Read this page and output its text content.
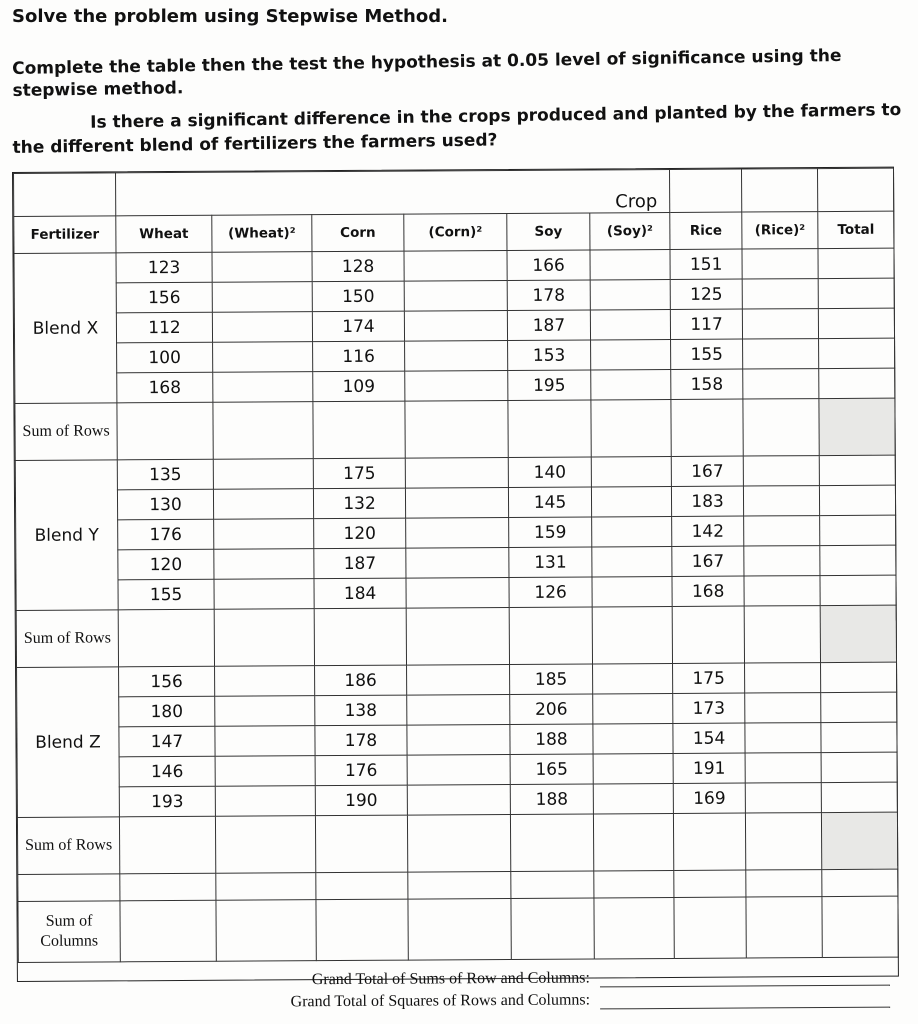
Solve the problem using Stepwise Method.
Complete the table then the test the hypothesis at 0.05 level of significance using the stepwise method.
Is there a significant difference in the crops produced and planted by the farmers to the different blend of fertilizers the farmers used?
	Crop								
Fertilizer	Wheat	(Wheat)²	Corn	(Corn)²	Soy	(Soy)²	Rice	(Rice)²	Total
Blend X	123		128		166		151		
	156		150		178		125		
	112		174		187		117		
	100		116		153		155		
	168		109		195		158		
Sum of Rows									
Blend Y	135		175		140		167		
	130		132		145		183		
	176		120		159		142		
	120		187		131		167		
	155		184		126		168		
Sum of Rows									
Blend Z	156		186		185		175		
	180		138		206		173		
	147		178		188		154		
	146		176		165		191		
	193		190		188		169		
Sum of Rows									

Sum of Columns									
Grand Total of Sums of Row and Columns:
Grand Total of Squares of Rows and Columns:
